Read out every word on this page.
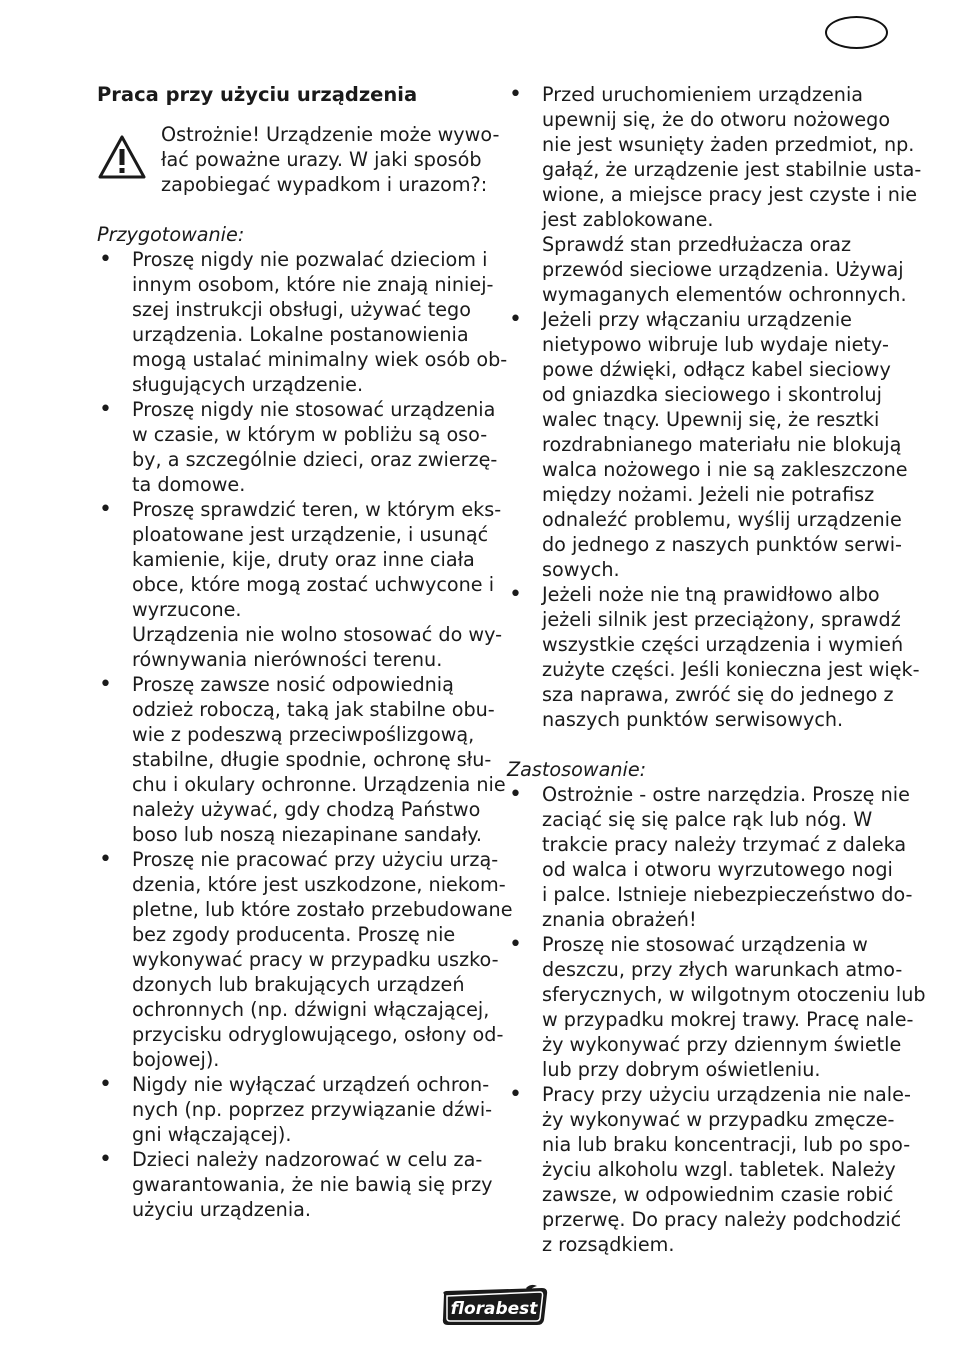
Praca przy użyciu urządzenia
Ostrożnie! Urządzenie może wywo-
łać poważne urazy. W jaki sposób
zapobiegać wypadkom i urazom?:
Przygotowanie:
• Proszę nigdy nie pozwalać dzieciom i
innym osobom, które nie znają niniej-
szej instrukcji obsługi, używać tego
urządzenia. Lokalne postanowienia
mogą ustalać minimalny wiek osób ob-
sługujących urządzenie.
• Proszę nigdy nie stosować urządzenia
w czasie, w którym w pobliżu są oso-
by, a szczególnie dzieci, oraz zwierzę-
ta domowe.
• Proszę sprawdzić teren, w którym eks-
ploatowane jest urządzenie, i usunąć
kamienie, kije, druty oraz inne ciała
obce, które mogą zostać uchwycone i
wyrzucone.
Urządzenia nie wolno stosować do wy-
równywania nierówności terenu.
• Proszę zawsze nosić odpowiednią
odzież roboczą, taką jak stabilne obu-
wie z podeszwą przeciwpoślizgową,
stabilne, długie spodnie, ochronę słu-
chu i okulary ochronne. Urządzenia nie
należy używać, gdy chodzą Państwo
boso lub noszą niezapinane sandały.
• Proszę nie pracować przy użyciu urzą-
dzenia, które jest uszkodzone, niekom-
pletne, lub które zostało przebudowane
bez zgody producenta. Proszę nie
wykonywać pracy w przypadku uszko-
dzonych lub brakujących urządzeń
ochronnych (np. dźwigni włączającej,
przycisku odryglowującego, osłony od-
bojowej).
• Nigdy nie wyłączać urządzeń ochron-
nych (np. poprzez przywiązanie dźwi-
gni włączającej).
• Dzieci należy nadzorować w celu za-
gwarantowania, że nie bawią się przy
użyciu urządzenia.
• Przed uruchomieniem urządzenia
upewnij się, że do otworu nożowego
nie jest wsunięty żaden przedmiot, np.
gałąź, że urządzenie jest stabilnie usta-
wione, a miejsce pracy jest czyste i nie
jest zablokowane.
Sprawdź stan przedłużacza oraz
przewód sieciowe urządzenia. Używaj
wymaganych elementów ochronnych.
• Jeżeli przy włączaniu urządzenie
nietypowo wibruje lub wydaje niety-
powe dźwięki, odłącz kabel sieciowy
od gniazdka sieciowego i skontroluj
walec tnący. Upewnij się, że resztki
rozdrabnianego materiału nie blokują
walca nożowego i nie są zakleszczone
między nożami. Jeżeli nie potrafisz
odnaleźć problemu, wyślij urządzenie
do jednego z naszych punktów serwi-
sowych.
• Jeżeli noże nie tną prawidłowo albo
jeżeli silnik jest przeciążony, sprawdź
wszystkie części urządzenia i wymień
zużyte części. Jeśli konieczna jest więk-
sza naprawa, zwróć się do jednego z
naszych punktów serwisowych.
Zastosowanie:
• Ostrożnie - ostre narzędzia. Proszę nie
zaciąć się się palce rąk lub nóg. W
trakcie pracy należy trzymać z daleka
od walca i otworu wyrzutowego nogi
i palce. Istnieje niebezpieczeństwo do-
znania obrażeń!
• Proszę nie stosować urządzenia w
deszczu, przy złych warunkach atmo-
sferycznych, w wilgotnym otoczeniu lub
w przypadku mokrej trawy. Pracę nale-
ży wykonywać przy dziennym świetle
lub przy dobrym oświetleniu.
• Pracy przy użyciu urządzenia nie nale-
ży wykonywać w przypadku zmęcze-
nia lub braku koncentracji, lub po spo-
życiu alkoholu wzgl. tabletek. Należy
zawsze, w odpowiednim czasie robić
przerwę. Do pracy należy podchodzić
z rozsądkiem.
florabest
